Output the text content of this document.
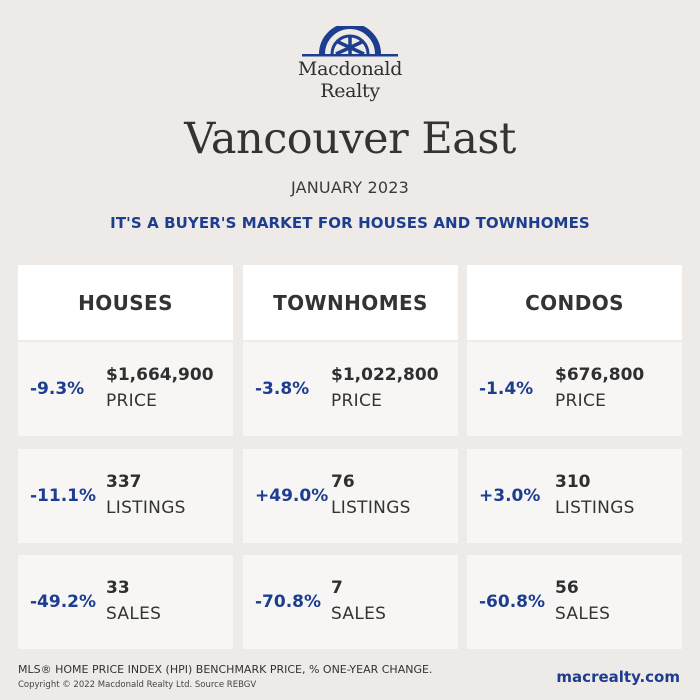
Macdonald
Realty
Vancouver East
JANUARY 2023
IT'S A BUYER'S MARKET FOR HOUSES AND TOWNHOMES
HOUSES
-9.3%
$1,664,900
PRICE
-11.1%
337
LISTINGS
-49.2%
33
SALES
TOWNHOMES
-3.8%
$1,022,800
PRICE
+49.0%
76
LISTINGS
-70.8%
7
SALES
CONDOS
-1.4%
$676,800
PRICE
+3.0%
310
LISTINGS
-60.8%
56
SALES
MLS® HOME PRICE INDEX (HPI) BENCHMARK PRICE, % ONE-YEAR CHANGE.
Copyright © 2022 Macdonald Realty Ltd. Source REBGV	macrealty.com
